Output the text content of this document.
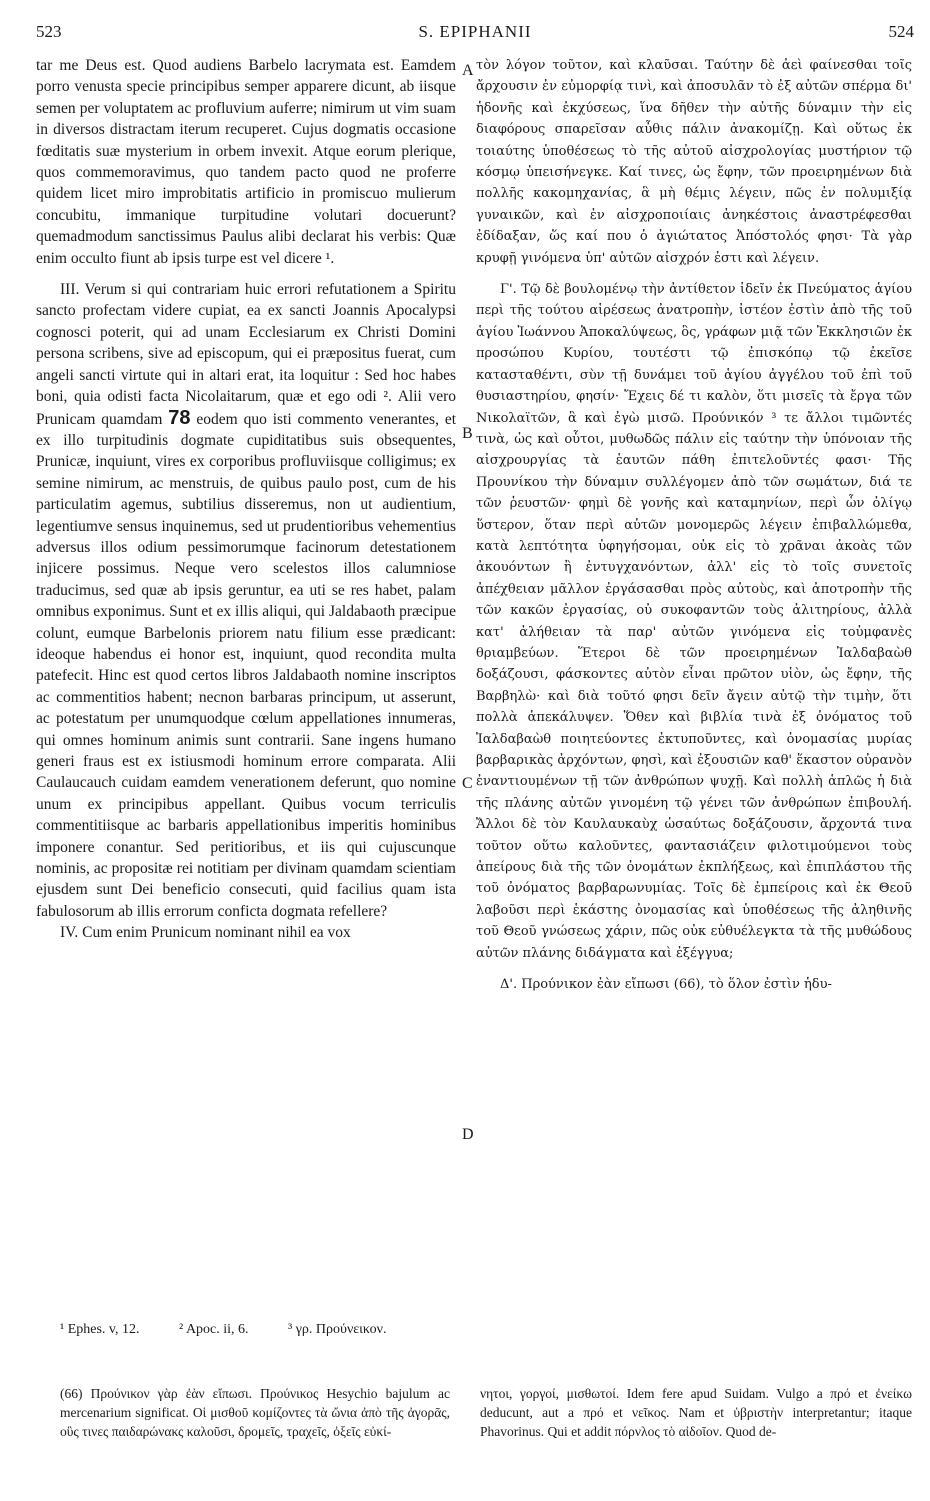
523	S. EPIPHANII	524
A
B
C
D

tar me Deus est. Quod audiens Barbelo lacrymata est. Eamdem porro venusta specie principibus semper apparere dicunt, ab iisque semen per voluptatem ac profluvium auferre; nimirum ut vim suam in diversos distractam iterum recuperet. Cujus dogmatis occasione fœditatis suæ mysterium in orbem invexit. Atque eorum plerique, quos commemoravimus, quo tandem pacto quod ne proferre quidem licet miro improbitatis artificio in promiscuo mulierum concubitu, immanique turpitudine volutari docuerunt? quemadmodum sanctissimus Paulus alibi declarat his verbis: Quæ enim occulto fiunt ab ipsis turpe est vel dicere ¹.

III. Verum si qui contrariam huic errori refutationem a Spiritu sancto profectam videre cupiat, ea ex sancti Joannis Apocalypsi cognosci poterit, qui ad unam Ecclesiarum ex Christi Domini persona scribens, sive ad episcopum, qui ei præpositus fuerat, cum angeli sancti virtute qui in altari erat, ita loquitur : Sed hoc habes boni, quia odisti facta Nicolaitarum, quæ et ego odi ². Alii vero Prunicam quamdam 78 eodem quo isti commento venerantes, et ex illo turpitudinis dogmate cupiditatibus suis obsequentes, Prunicæ, inquiunt, vires ex corporibus profluviisque colligimus; ex semine nimirum, ac menstruis, de quibus paulo post, cum de his particulatim agemus, subtilius disseremus, non ut audientium, legentiumve sensus inquinemus, sed ut prudentioribus vehementius adversus illos odium pessimorumque facinorum detestationem injicere possimus. Neque vero scelestos illos calumniose traducimus, sed quæ ab ipsis geruntur, ea uti se res habet, palam omnibus exponimus. Sunt et ex illis aliqui, qui Jaldabaoth præcipue colunt, eumque Barbelonis priorem natu filium esse prædicant: ideoque habendus ei honor est, inquiunt, quod recondita multa patefecit. Hinc est quod certos libros Jaldabaoth nomine inscriptos ac commentitios habent; necnon barbaras principum, ut asserunt, ac potestatum per unumquodque cœlum appellationes innumeras, qui omnes hominum animis sunt contrarii. Sane ingens humano generi fraus est ex istiusmodi hominum errore comparata. Alii Caulaucauch cuidam eamdem venerationem deferunt, quo nomine unum ex principibus appellant. Quibus vocum terriculis commentitiisque ac barbaris appellationibus imperitis hominibus imponere conantur. Sed peritioribus, et iis qui cujuscunque nominis, ac propositæ rei notitiam per divinam quamdam scientiam ejusdem sunt Dei beneficio consecuti, quid facilius quam ista fabulosorum ab illis errorum conficta dogmata refellere?

IV. Cum enim Prunicum nominant nihil ea vox

τὸν λόγον τοῦτον, καὶ κλαῦσαι. Ταύτην δὲ ἀεὶ φαίνεσθαι τοῖς ἄρχουσιν ἐν εὐμορφίᾳ τινὶ, καὶ ἀποσυλᾶν τὸ ἐξ αὐτῶν σπέρμα δι' ἡδονῆς καὶ ἐκχύσεως, ἵνα δῆθεν τὴν αὐτῆς δύναμιν τὴν εἰς διαφόρους σπαρεῖσαν αὖθις πάλιν ἀνακομίζῃ. Καὶ οὕτως ἐκ τοιαύτης ὑποθέσεως τὸ τῆς αὐτοῦ αἰσχρολογίας μυστήριον τῷ κόσμῳ ὑπεισήνεγκε. Καί τινες, ὡς ἔφην, τῶν προειρημένων διὰ πολλῆς κακομηχανίας, ἃ μὴ θέμις λέγειν, πῶς ἐν πολυμιξίᾳ γυναικῶν, καὶ ἐν αἰσχροποιίαις ἀνηκέστοις ἀναστρέφεσθαι ἐδίδαξαν, ὥς καί που ὁ ἁγιώτατος Ἀπόστολός φησι· Τὰ γὰρ κρυφῇ γινόμενα ὑπ' αὐτῶν αἰσχρόν ἐστι καὶ λέγειν.

Γ'. Τῷ δὲ βουλομένῳ τὴν ἀντίθετον ἰδεῖν ἐκ Πνεύματος ἁγίου περὶ τῆς τούτου αἱρέσεως ἀνατροπὴν, ἰστέον ἐστὶν ἀπὸ τῆς τοῦ ἁγίου Ἰωάννου Ἀποκαλύψεως, ὃς, γράφων μιᾷ τῶν Ἐκκλησιῶν ἐκ προσώπου Κυρίου, τουτέστι τῷ ἐπισκόπῳ τῷ ἐκεῖσε κατασταθέντι, σὺν τῇ δυνάμει τοῦ ἁγίου ἀγγέλου τοῦ ἐπὶ τοῦ θυσιαστηρίου, φησίν· Ἔχεις δέ τι καλὸν, ὅτι μισεῖς τὰ ἔργα τῶν Νικολαϊτῶν, ἃ καὶ ἐγὼ μισῶ. Προύνικόν ³ τε ἄλλοι τιμῶντές τινὰ, ὡς καὶ οὗτοι, μυθωδῶς πάλιν εἰς ταύτην τὴν ὑπόνοιαν τῆς αἰσχρουργίας τὰ ἑαυτῶν πάθη ἐπιτελοῦντές φασι· Τῆς Προυνίκου τὴν δύναμιν συλλέγομεν ἀπὸ τῶν σωμάτων, διά τε τῶν ῥευστῶν· φημὶ δὲ γονῆς καὶ καταμηνίων, περὶ ὧν ὀλίγῳ ὕστερον, ὅταν περὶ αὐτῶν μονομερῶς λέγειν ἐπιβαλλώμεθα, κατὰ λεπτότητα ὑφηγήσομαι, οὐκ εἰς τὸ χρᾶναι ἀκοὰς τῶν ἀκουόντων ἢ ἐντυγχανόντων, ἀλλ' εἰς τὸ τοῖς συνετοῖς ἀπέχθειαν μᾶλλον ἐργάσασθαι πρὸς αὐτοὺς, καὶ ἀποτροπὴν τῆς τῶν κακῶν ἐργασίας, οὐ συκοφαντῶν τοὺς ἀλιτηρίους, ἀλλὰ κατ' ἀλήθειαν τὰ παρ' αὐτῶν γινόμενα εἰς τοὐμφανὲς θριαμβεύων. Ἕτεροι δὲ τῶν προειρημένων Ἰαλδαβαὼθ δοξάζουσι, φάσκοντες αὐτὸν εἶναι πρῶτον υἱὸν, ὡς ἔφην, τῆς Βαρβηλὼ· καὶ διὰ τοῦτό φησι δεῖν ἄγειν αὐτῷ τὴν τιμὴν, ὅτι πολλὰ ἀπεκάλυψεν. Ὅθεν καὶ βιβλία τινὰ ἐξ ὀνόματος τοῦ Ἰαλδαβαὼθ ποιητεύοντες ἐκτυποῦντες, καὶ ὀνομασίας μυρίας βαρβαρικὰς ἀρχόντων, φησὶ, καὶ ἐξουσιῶν καθ' ἕκαστον οὐρανὸν ἐναντιουμένων τῇ τῶν ἀνθρώπων ψυχῇ. Καὶ πολλὴ ἁπλῶς ἡ διὰ τῆς πλάνης αὐτῶν γινομένη τῷ γένει τῶν ἀνθρώπων ἐπιβουλή. Ἄλλοι δὲ τὸν Καυλαυκαὺχ ὡσαύτως δοξάζουσιν, ἄρχοντά τινα τοῦτον οὕτω καλοῦντες, φαντασιάζειν φιλοτιμούμενοι τοὺς ἀπείρους διὰ τῆς τῶν ὀνομάτων ἐκπλήξεως, καὶ ἐπιπλάστου τῆς τοῦ ὀνόματος βαρβαρωνυμίας. Τοῖς δὲ ἐμπείροις καὶ ἐκ Θεοῦ λαβοῦσι περὶ ἑκάστης ὀνομασίας καὶ ὑποθέσεως τῆς ἀληθινῆς τοῦ Θεοῦ γνώσεως χάριν, πῶς οὐκ εὐθυέλεγκτα τὰ τῆς μυθώδους αὐτῶν πλάνης διδάγματα καὶ ἐξέγγυα;

Δ'. Προύνικον ἐὰν εἴπωσι (66), τὸ ὅλον ἐστὶν ἡδυ-

¹ Ephes. v, 12.	² Apoc. ii, 6.	³ γρ. Προύνεικον.

(66) Προύνικον γὰρ ἐὰν εἴπωσι. Προύνικος Hesychio bajulum ac mercenarium significat. Οἱ μισθοῦ κομίζοντες τὰ ὤνια ἀπὸ τῆς ἀγορᾶς, οὓς τινες παιδαρώνακς καλοῦσι, δρομεῖς, τραχεῖς, ὀξεῖς εὐκί-

νητοι, γοργοί, μισθωτοί. Idem fere apud Suidam. Vulgo a πρό et ἐνείκω deducunt, aut a πρό et νεῖκος. Nam et ὑβριστὴν interpretantur; itaque Phavorinus. Qui et addit πόρνλος τὸ αἰδοῖον. Quod de-
